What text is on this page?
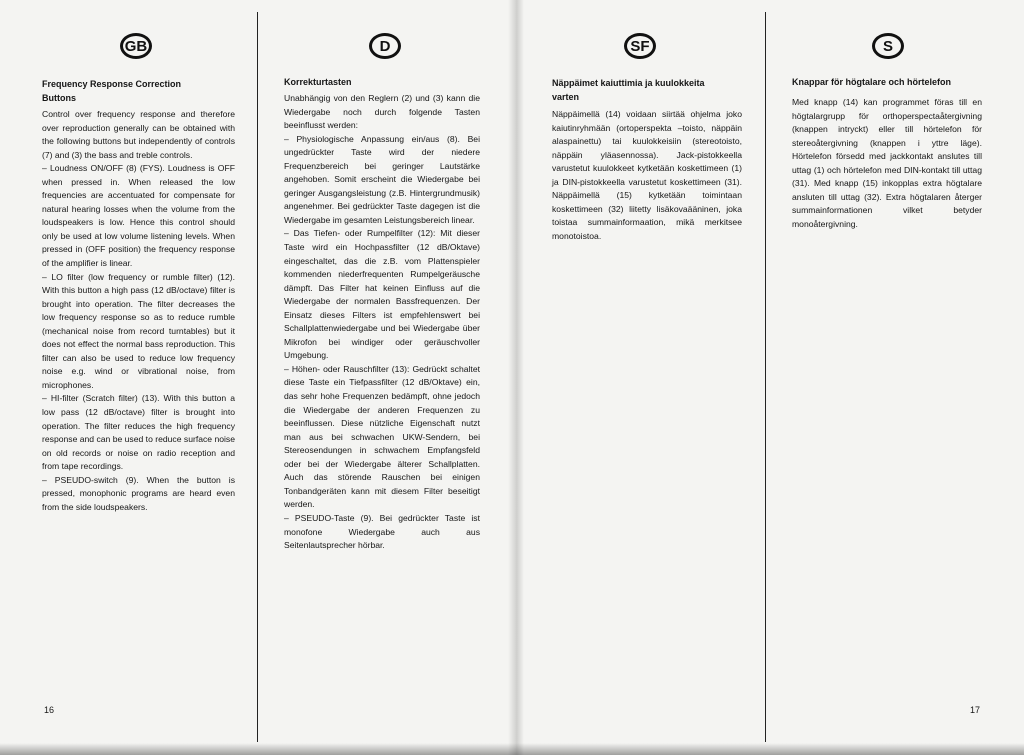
GB
Frequency Response Correction
Buttons

Control over frequency response and therefore over reproduction generally can be obtained with the following buttons but independently of controls (7) and (3) the bass and treble controls.

– Loudness ON/OFF (8) (FYS). Loudness is OFF when pressed in. When released the low frequencies are accentuated for compensate for natural hearing losses when the volume from the loudspeakers is low. Hence this control should only be used at low volume listening levels. When pressed in (OFF position) the frequency response of the amplifier is linear.

– LO filter (low frequency or rumble filter) (12). With this button a high pass (12 dB/octave) filter is brought into operation. The filter decreases the low frequency response so as to reduce rumble (mechanical noise from record turntables) but it does not effect the normal bass reproduction. This filter can also be used to reduce low frequency noise e.g. wind or vibrational noise, from microphones.

– HI-filter (Scratch filter) (13). With this button a low pass (12 dB/octave) filter is brought into operation. The filter reduces the high frequency response and can be used to reduce surface noise on old records or noise on radio reception and from tape recordings.

– PSEUDO-switch (9). When the button is pressed, monophonic programs are heard even from the side loudspeakers.

16
D
Korrekturtasten

Unabhängig von den Reglern (2) und (3) kann die Wiedergabe noch durch folgende Tasten beeinflusst werden:

– Physiologische Anpassung ein/aus (8). Bei ungedrückter Taste wird der niedere Frequenzbereich bei geringer Lautstärke angehoben. Somit erscheint die Wiedergabe bei geringer Ausgangsleistung (z.B. Hintergrundmusik) angenehmer. Bei gedrückter Taste dagegen ist die Wiedergabe im gesamten Leistungsbereich linear.

– Das Tiefen- oder Rumpelfilter (12): Mit dieser Taste wird ein Hochpassfilter (12 dB/Oktave) eingeschaltet, das die z.B. vom Plattenspieler kommenden niederfrequenten Rumpelgeräusche dämpft. Das Filter hat keinen Einfluss auf die Wiedergabe der normalen Bassfrequenzen. Der Einsatz dieses Filters ist empfehlenswert bei Schallplattenwiedergabe und bei Wiedergabe über Mikrofon bei windiger oder geräuschvoller Umgebung.

– Höhen- oder Rauschfilter (13): Gedrückt schaltet diese Taste ein Tiefpassfilter (12 dB/Oktave) ein, das sehr hohe Frequenzen bedämpft, ohne jedoch die Wiedergabe der anderen Frequenzen zu beeinflussen. Diese nützliche Eigenschaft nutzt man aus bei schwachen UKW-Sendern, bei Stereosendungen in schwachem Empfangsfeld oder bei der Wiedergabe älterer Schallplatten. Auch das störende Rauschen bei einigen Tonbandgeräten kann mit diesem Filter beseitigt werden.

– PSEUDO-Taste (9). Bei gedrückter Taste ist monofone Wiedergabe auch aus Seitenlautsprecher hörbar.

SF
Näppäimet kaiuttimia ja kuulokkeita
varten

Näppäimellä (14) voidaan siirtää ohjelma joko kaiutinryhmään (ortoperspekta –toisto, näppäin alaspainettu) tai kuulokkeisiin (stereotoisto, näppäin yläasennossa). Jack-pistokkeella varustetut kuulokkeet kytketään koskettimeen (1) ja DIN-pistokkeella varustetut koskettimeen (31). Näppäimellä (15) kytketään toimintaan koskettimeen (32) liitetty lisäkovaääninen, joka toistaa summainformaation, mikä merkitsee monotoistoa.

S
Knappar för högtalare och hörtelefon

Med knapp (14) kan programmet föras till en högtalargrupp för orthoperspectaåtergivning (knappen intryckt) eller till hörtelefon för stereoåtergivning (knappen i yttre läge). Hörtelefon försedd med jackkontakt anslutes till uttag (1) och hörtelefon med DIN-kontakt till uttag (31). Med knapp (15) inkopplas extra högtalare ansluten till uttag (32). Extra högtalaren återger summainformationen vilket betyder monoåtergivning.

17
